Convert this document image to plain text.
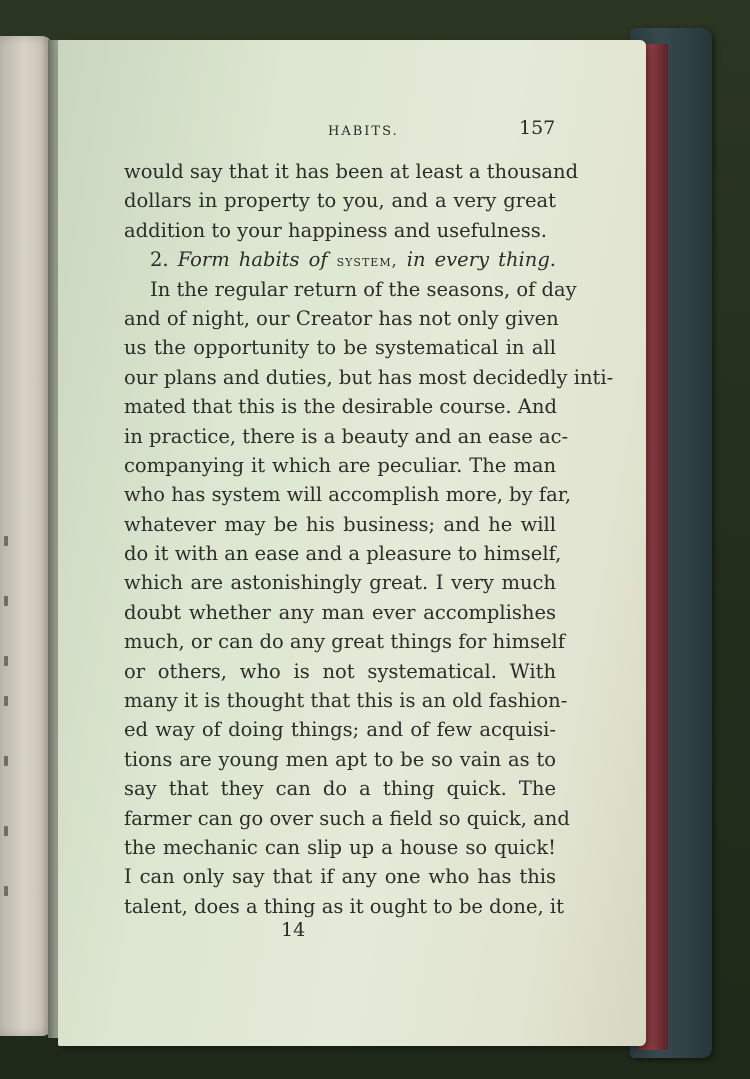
HABITS.	157
would say that it has been at least a thousand
dollars in property to you, and a very great
addition to your happiness and usefulness.
2. Form habits of system, in every thing.
In the regular return of the seasons, of day
and of night, our Creator has not only given
us the opportunity to be systematical in all
our plans and duties, but has most decidedly inti-
mated that this is the desirable course. And
in practice, there is a beauty and an ease ac-
companying it which are peculiar. The man
who has system will accomplish more, by far,
whatever may be his business; and he will
do it with an ease and a pleasure to himself,
which are astonishingly great. I very much
doubt whether any man ever accomplishes
much, or can do any great things for himself
or others, who is not systematical. With
many it is thought that this is an old fashion-
ed way of doing things; and of few acquisi-
tions are young men apt to be so vain as to
say that they can do a thing quick. The
farmer can go over such a field so quick, and
the mechanic can slip up a house so quick!
I can only say that if any one who has this
talent, does a thing as it ought to be done, it
14
